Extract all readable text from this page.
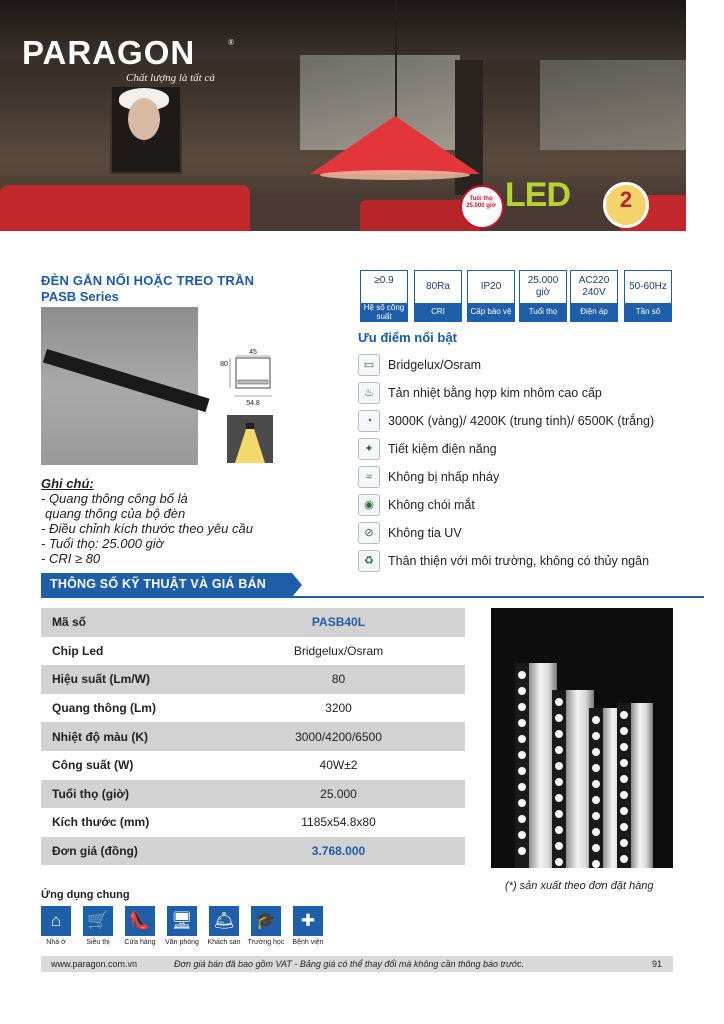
PARAGON	®
Chất lượng là tất cả
Tuổi thọ 25.000 giờ LED	2
ĐÈN GẮN NỔI HOẶC TREO TRẦN
PASB Series
≥0.9
Hệ số công suất
80Ra
CRI
IP20
Cấp bảo vệ
25.000 giờ
Tuổi thọ
AC220 240V
Điện áp
50-60Hz
Tần số
45
80
54.8
Ưu điểm nổi bật
▭	Bridgelux/Osram
♨	Tản nhiệt bằng hợp kim nhôm cao cấp
◔	3000K (vàng)/ 4200K (trung tính)/ 6500K (trắng)
✦	Tiết kiệm điện năng
≈	Không bị nhấp nháy
◉	Không chói mắt
⊘	Không tia UV
♻	Thân thiện với môi trường, không có thủy ngân
Ghi chú:
- Quang thông công bố là
quang thông của bộ đèn
- Điều chỉnh kích thước theo yêu cầu
- Tuổi thọ: 25.000 giờ
- CRI ≥ 80
THÔNG SỐ KỸ THUẬT VÀ GIÁ BÁN
Mã số	PASB40L
Chip Led	Bridgelux/Osram
Hiệu suất (Lm/W)	80
Quang thông (Lm)	3200
Nhiệt độ màu (K)	3000/4200/6500
Công suất (W)	40W±2
Tuổi thọ (giờ)	25.000
Kích thước (mm)	1185x54.8x80
Đơn giá (đồng)	3.768.000
(*) sản xuất theo đơn đặt hàng
Ứng dụng chung
⌂
Nhà ở
🛒
Siêu thị
👠
Cửa hàng
🖥
Văn phòng
🛎
Khách san
🎓
Trường học
✚
Bệnh viện
www.paragon.com.vn	Đơn giá bán đã bao gồm VAT - Bảng giá có thể thay đổi mà không cần thông báo trước.	91
